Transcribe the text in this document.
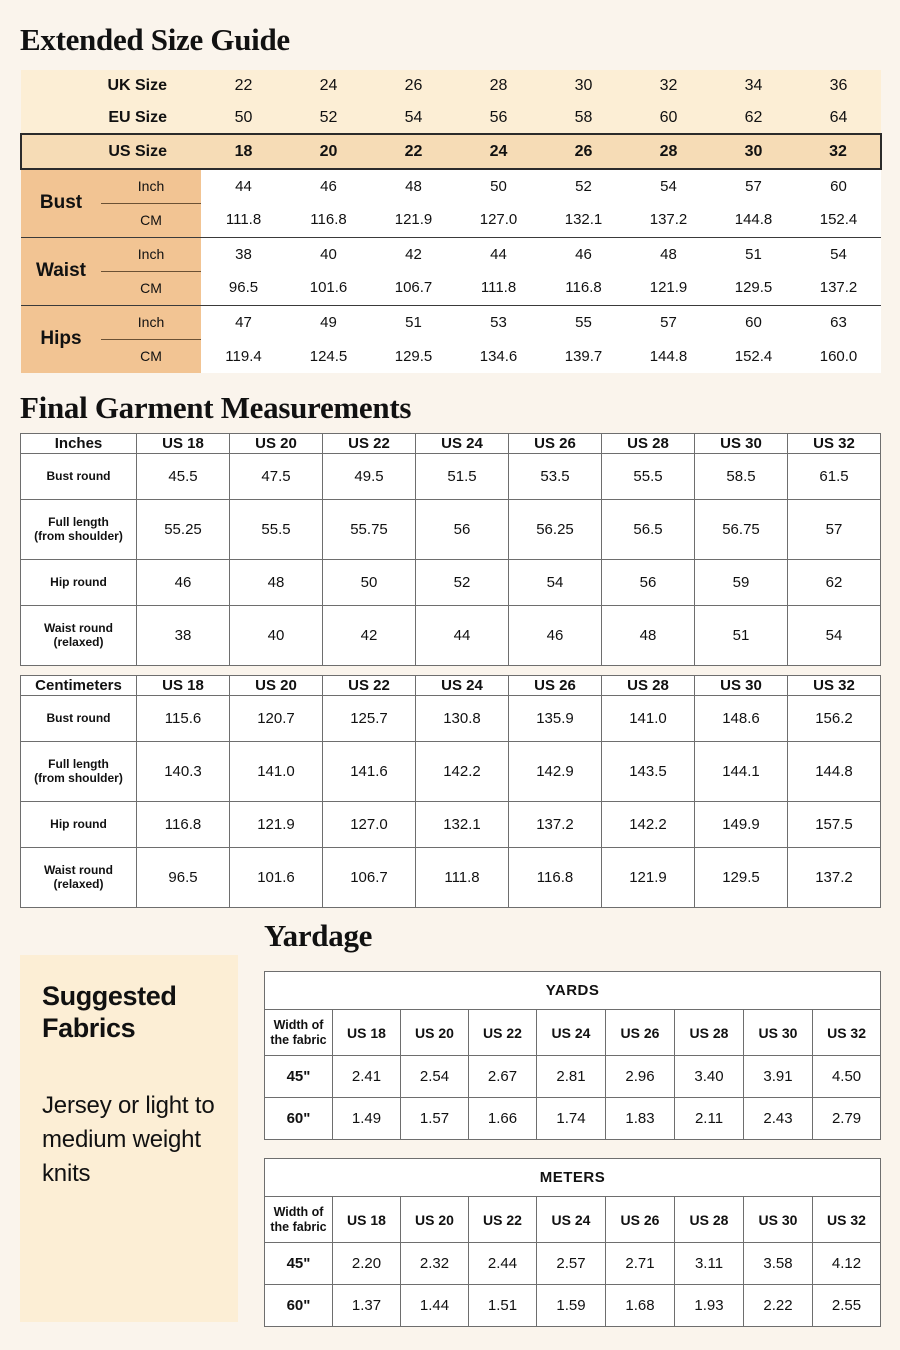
Extended Size Guide
UK Size		22	24	26	28	30	32	34	36
EU Size		50	52	54	56	58	60	62	64
US Size		18	20	22	24	26	28	30	32
Bust	Inch	44	46	48	50	52	54	57	60
	CM	111.8	116.8	121.9	127.0	132.1	137.2	144.8	152.4
Waist	Inch	38	40	42	44	46	48	51	54
	CM	96.5	101.6	106.7	111.8	116.8	121.9	129.5	137.2
Hips	Inch	47	49	51	53	55	57	60	63
	CM	119.4	124.5	129.5	134.6	139.7	144.8	152.4	160.0
Final Garment Measurements
Inches	US 18	US 20	US 22	US 24	US 26	US 28	US 30	US 32
Bust round	45.5	47.5	49.5	51.5	53.5	55.5	58.5	61.5
Full length
(from shoulder)	55.25	55.5	55.75	56	56.25	56.5	56.75	57
Hip round	46	48	50	52	54	56	59	62
Waist round
(relaxed)	38	40	42	44	46	48	51	54
Centimeters	US 18	US 20	US 22	US 24	US 26	US 28	US 30	US 32
Bust round	115.6	120.7	125.7	130.8	135.9	141.0	148.6	156.2
Full length
(from shoulder)	140.3	141.0	141.6	142.2	142.9	143.5	144.1	144.8
Hip round	116.8	121.9	127.0	132.1	137.2	142.2	149.9	157.5
Waist round
(relaxed)	96.5	101.6	106.7	111.8	116.8	121.9	129.5	137.2
Suggested Fabrics
Jersey or light to medium weight knits
Yardage
YARDS								
Width of
the fabric	US 18	US 20	US 22	US 24	US 26	US 28	US 30	US 32
45"	2.41	2.54	2.67	2.81	2.96	3.40	3.91	4.50
60"	1.49	1.57	1.66	1.74	1.83	2.11	2.43	2.79
METERS								
Width of
the fabric	US 18	US 20	US 22	US 24	US 26	US 28	US 30	US 32
45"	2.20	2.32	2.44	2.57	2.71	3.11	3.58	4.12
60"	1.37	1.44	1.51	1.59	1.68	1.93	2.22	2.55
